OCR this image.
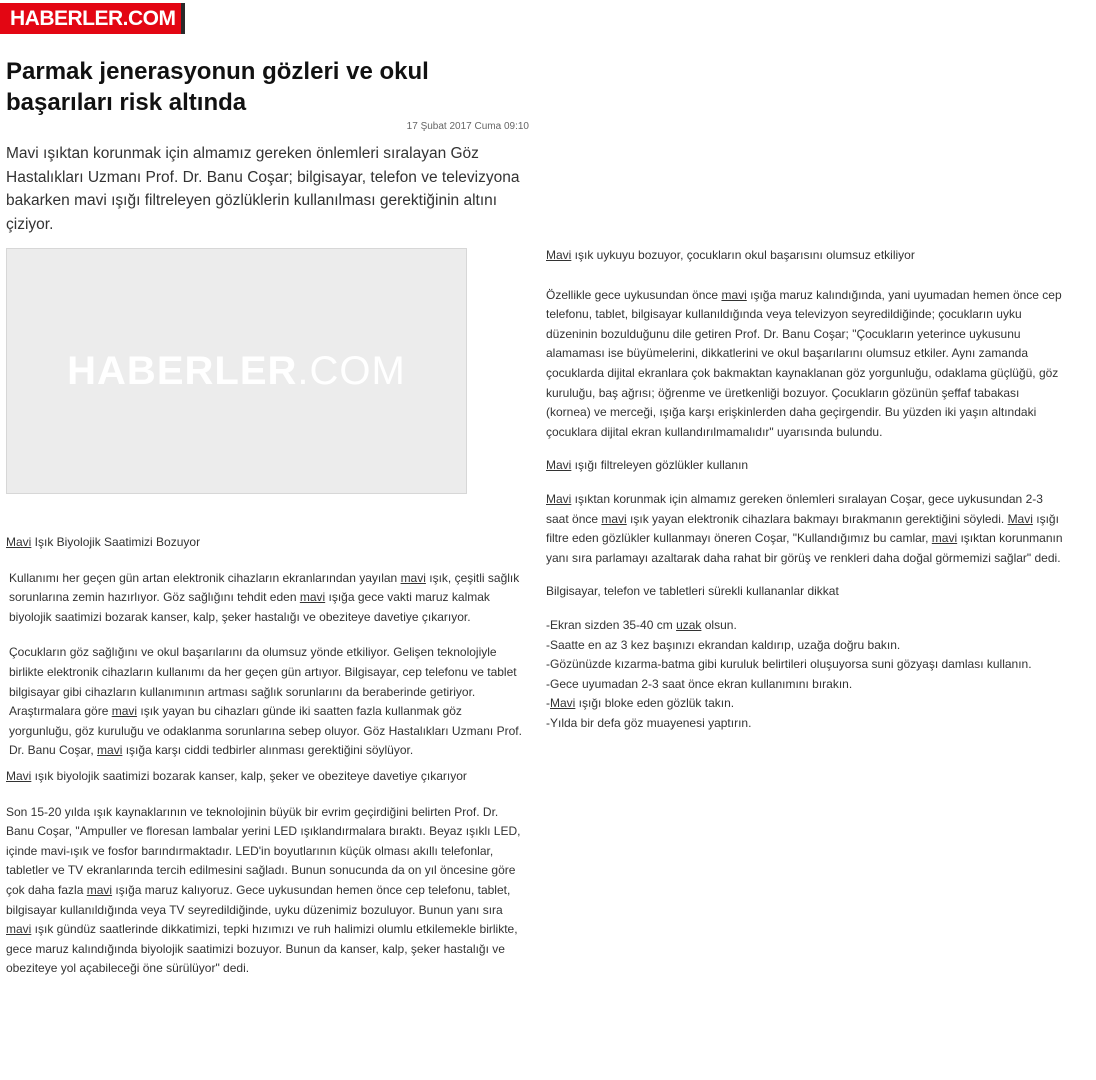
HABERLER.COM
Parmak jenerasyonun gözleri ve okul başarıları risk altında
17 Şubat 2017 Cuma 09:10

Mavi ışıktan korunmak için almamız gereken önlemleri sıralayan Göz Hastalıkları Uzmanı Prof. Dr. Banu Coşar; bilgisayar, telefon ve televizyona bakarken mavi ışığı filtreleyen gözlüklerin kullanılması gerektiğinin altını çiziyor.

HABERLER.COM

Mavi Işık Biyolojik Saatimizi Bozuyor

Kullanımı her geçen gün artan elektronik cihazların ekranlarından yayılan mavi ışık, çeşitli sağlık sorunlarına zemin hazırlıyor. Göz sağlığını tehdit eden mavi ışığa gece vakti maruz kalmak biyolojik saatimizi bozarak kanser, kalp, şeker hastalığı ve obeziteye davetiye çıkarıyor.

Çocukların göz sağlığını ve okul başarılarını da olumsuz yönde etkiliyor. Gelişen teknolojiyle birlikte elektronik cihazların kullanımı da her geçen gün artıyor. Bilgisayar, cep telefonu ve tablet bilgisayar gibi cihazların kullanımının artması sağlık sorunlarını da beraberinde getiriyor. Araştırmalara göre mavi ışık yayan bu cihazları günde iki saatten fazla kullanmak göz yorgunluğu, göz kuruluğu ve odaklanma sorunlarına sebep oluyor. Göz Hastalıkları Uzmanı Prof. Dr. Banu Coşar, mavi ışığa karşı ciddi tedbirler alınması gerektiğini söylüyor.

Mavi ışık biyolojik saatimizi bozarak kanser, kalp, şeker ve obeziteye davetiye çıkarıyor

Son 15-20 yılda ışık kaynaklarının ve teknolojinin büyük bir evrim geçirdiğini belirten Prof. Dr. Banu Coşar, "Ampuller ve floresan lambalar yerini LED ışıklandırmalara bıraktı. Beyaz ışıklı LED, içinde mavi-ışık ve fosfor barındırmaktadır. LED'in boyutlarının küçük olması akıllı telefonlar, tabletler ve TV ekranlarında tercih edilmesini sağladı. Bunun sonucunda da on yıl öncesine göre çok daha fazla mavi ışığa maruz kalıyoruz. Gece uykusundan hemen önce cep telefonu, tablet, bilgisayar kullanıldığında veya TV seyredildiğinde, uyku düzenimiz bozuluyor. Bunun yanı sıra mavi ışık gündüz saatlerinde dikkatimizi, tepki hızımızı ve ruh halimizi olumlu etkilemekle birlikte, gece maruz kalındığında biyolojik saatimizi bozuyor. Bunun da kanser, kalp, şeker hastalığı ve obeziteye yol açabileceği öne sürülüyor" dedi.

Mavi ışık uykuyu bozuyor, çocukların okul başarısını olumsuz etkiliyor

Özellikle gece uykusundan önce mavi ışığa maruz kalındığında, yani uyumadan hemen önce cep telefonu, tablet, bilgisayar kullanıldığında veya televizyon seyredildiğinde; çocukların uyku düzeninin bozulduğunu dile getiren Prof. Dr. Banu Coşar; "Çocukların yeterince uykusunu alamaması ise büyümelerini, dikkatlerini ve okul başarılarını olumsuz etkiler. Aynı zamanda çocuklarda dijital ekranlara çok bakmaktan kaynaklanan göz yorgunluğu, odaklama güçlüğü, göz kuruluğu, baş ağrısı; öğrenme ve üretkenliği bozuyor. Çocukların gözünün şeffaf tabakası (kornea) ve merceği, ışığa karşı erişkinlerden daha geçirgendir. Bu yüzden iki yaşın altındaki çocuklara dijital ekran kullandırılmamalıdır" uyarısında bulundu.

Mavi ışığı filtreleyen gözlükler kullanın

Mavi ışıktan korunmak için almamız gereken önlemleri sıralayan Coşar, gece uykusundan 2-3 saat önce mavi ışık yayan elektronik cihazlara bakmayı bırakmanın gerektiğini söyledi. Mavi ışığı filtre eden gözlükler kullanmayı öneren Coşar, "Kullandığımız bu camlar, mavi ışıktan korunmanın yanı sıra parlamayı azaltarak daha rahat bir görüş ve renkleri daha doğal görmemizi sağlar" dedi.

Bilgisayar, telefon ve tabletleri sürekli kullananlar dikkat

-Ekran sizden 35-40 cm uzak olsun.

-Saatte en az 3 kez başınızı ekrandan kaldırıp, uzağa doğru bakın.

-Gözünüzde kızarma-batma gibi kuruluk belirtileri oluşuyorsa suni gözyaşı damlası kullanın.

-Gece uyumadan 2-3 saat önce ekran kullanımını bırakın.

-Mavi ışığı bloke eden gözlük takın.

-Yılda bir defa göz muayenesi yaptırın.
